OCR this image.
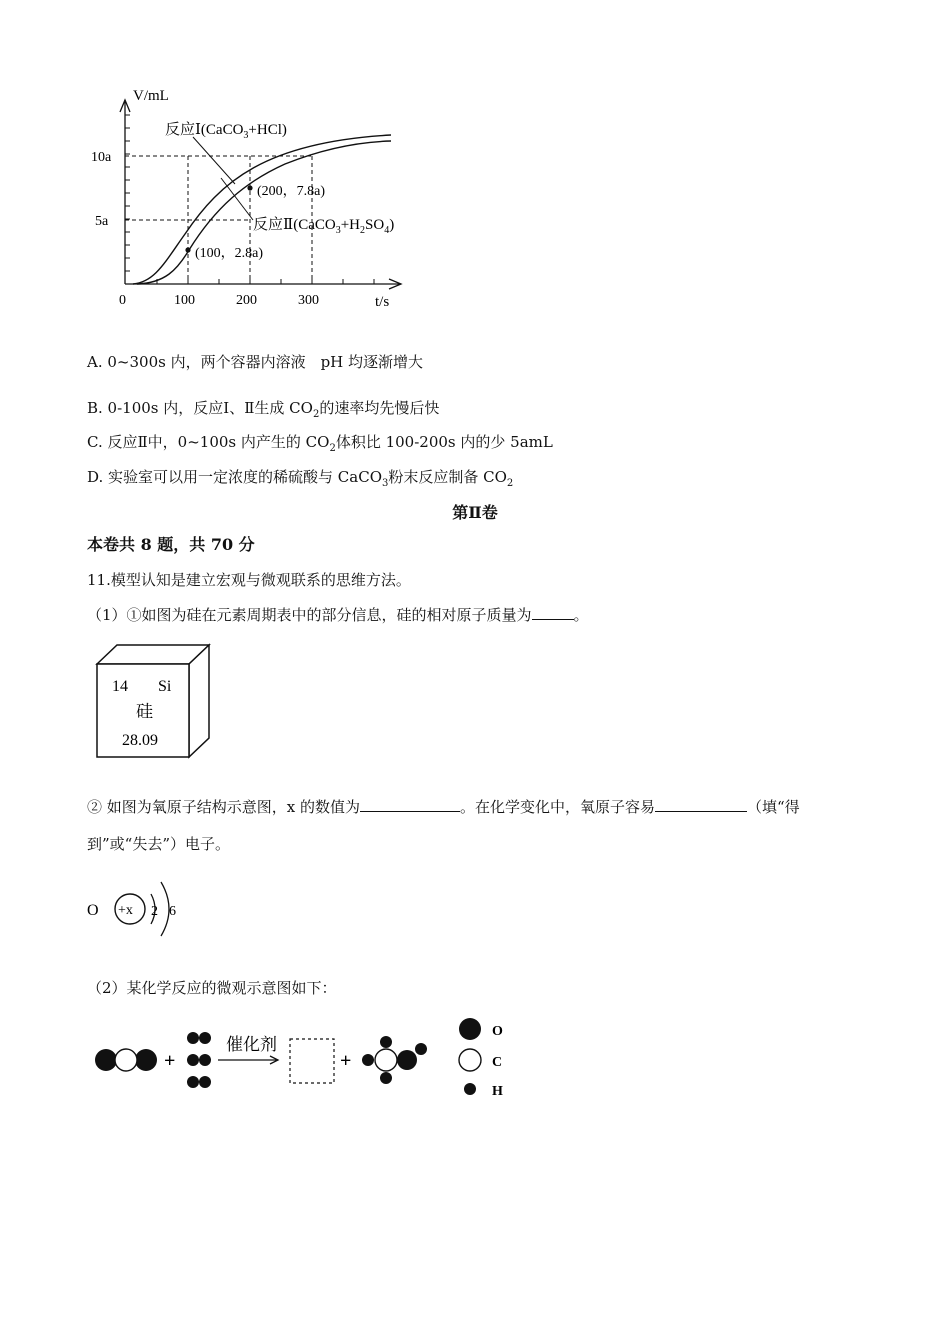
V/mL
t/s
0
5a
10a
100	200	300
反应Ⅰ(CaCO$_3$+HCl)
反应$Ⅱ(CaCO_3+H_2SO_4)$
(100，2.8a)
(200，7.8a)
A. 0~300s 内，两个容器内溶液　pH 均逐渐增大
B. 0-100s 内，反应Ⅰ、Ⅱ生成 $CO_2$的速率均先慢后快
C. 反应Ⅱ中，0~100s 内产生的 $CO_2$体积比 100-200s 内的少 5amL
D. 实验室可以用一定浓度的稀硫酸与 CaCO$_3$粉末反应制备 $CO_2$
第Ⅱ卷
本卷共 8 题，共 70 分
11.模型认知是建立宏观与微观联系的思维方法。
（1）①如图为硅在元素周期表中的部分信息，硅的相对原子质量为	。
14 Si
硅
28.09
② 如图为氧原子结构示意图，x 的数值为	。在化学变化中，氧原子容易	（填“得
到”或“失去”）电子。
O +x 2 6
（2）某化学反应的微观示意图如下：
+
催化剂
+
O
C
H
